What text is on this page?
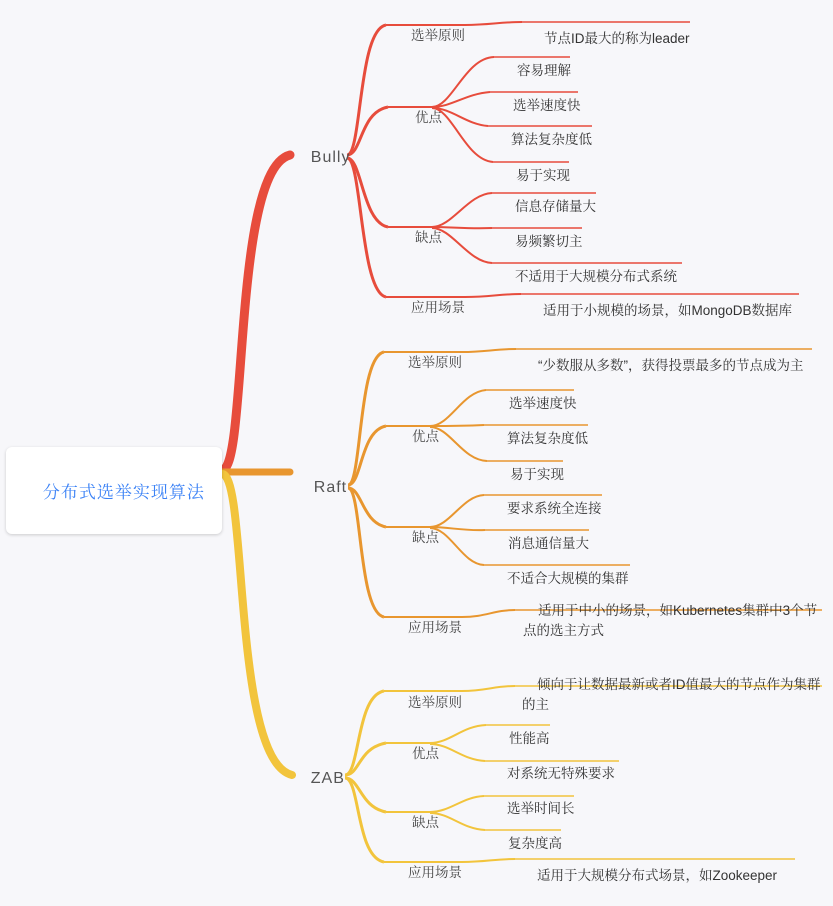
分布式选举实现算法

Bully

选举原则
	节点ID最大的称为leader

优点

容易理解

选举速度快

算法复杂度低

易于实现

缺点

信息存储量大

易频繁切主

不适用于大规模分布式系统

应用场景
	适用于小规模的场景，如MongoDB数据库

Raft

选举原则
	“少数服从多数”，获得投票最多的节点成为主

优点

选举速度快

算法复杂度低

易于实现

缺点

要求系统全连接

消息通信量大

不适合大规模的集群

应用场景

适用于中小的场景，如Kubernetes集群中3个节点的选主方式

ZAB

选举原则

倾向于让数据最新或者ID值最大的节点作为集群的主

优点

性能高

对系统无特殊要求

缺点

选举时间长

复杂度高

应用场景
	适用于大规模分布式场景，如Zookeeper
